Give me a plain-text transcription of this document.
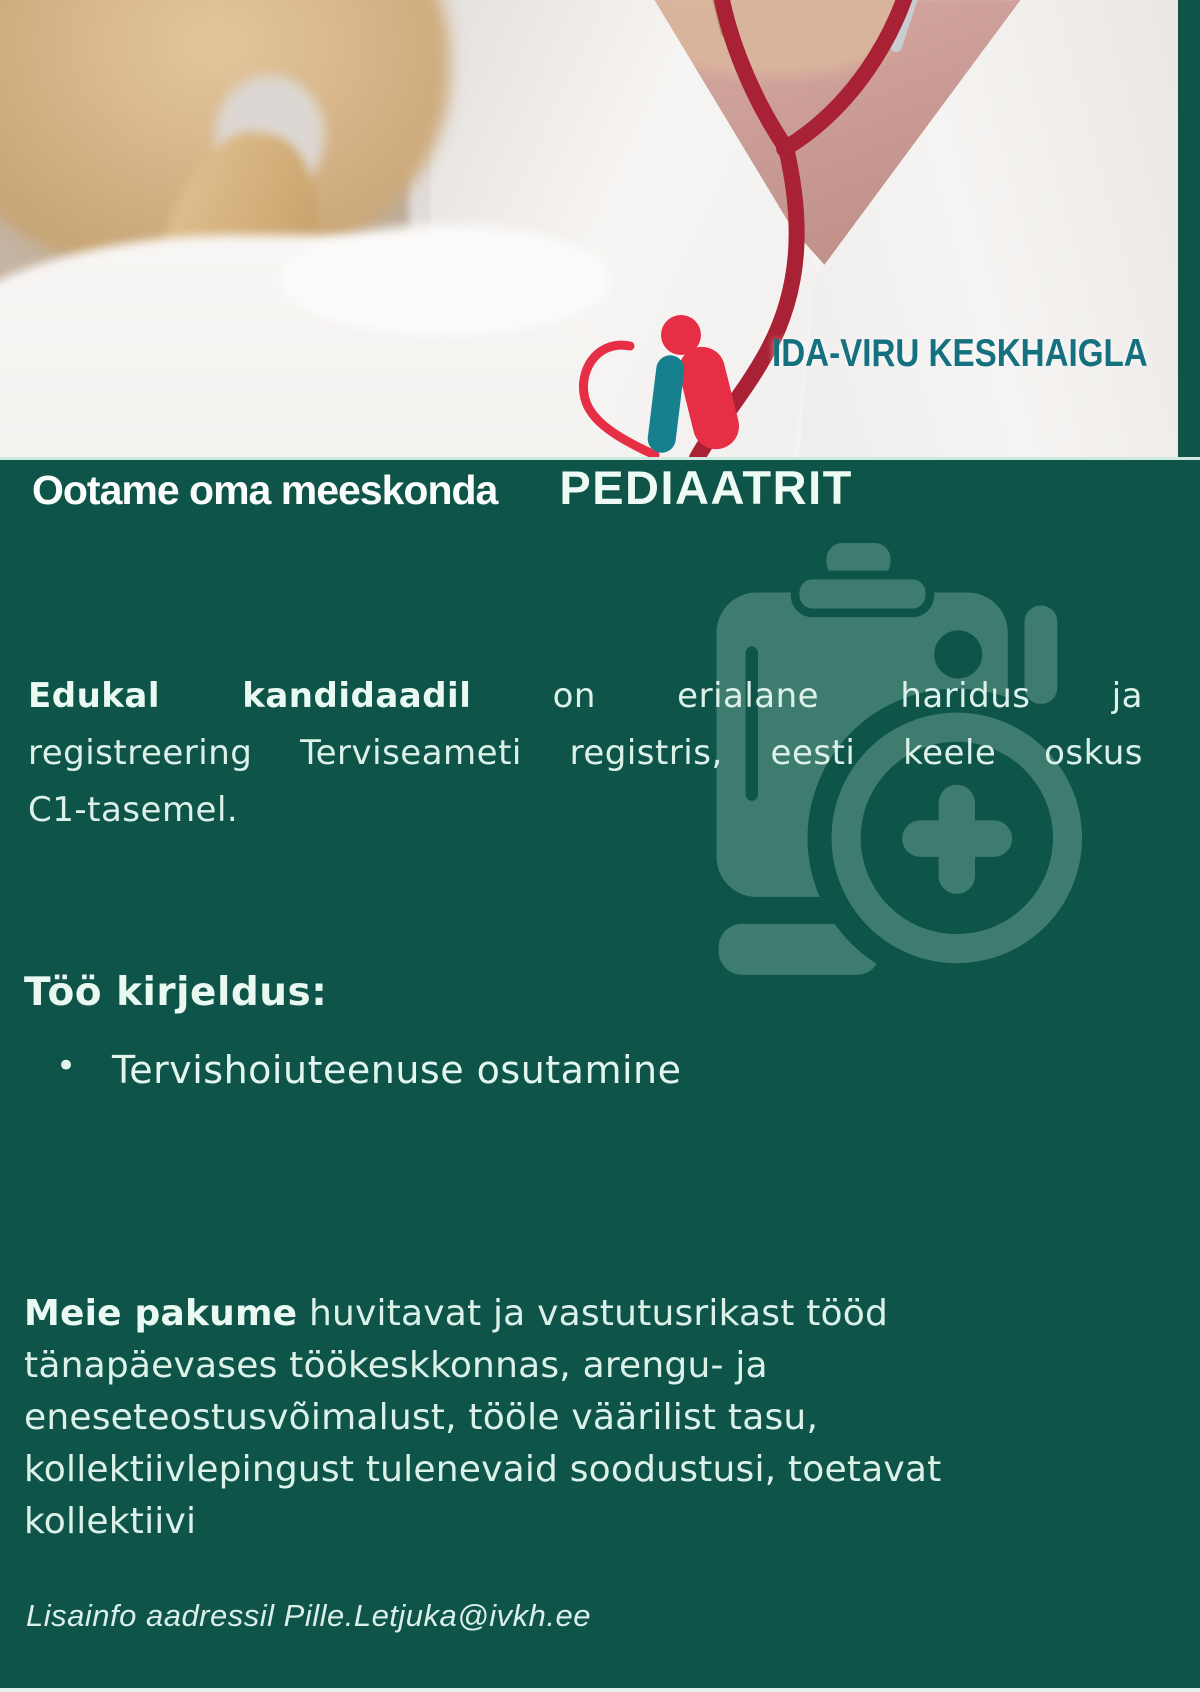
IDA-VIRU KESKHAIGLA
Ootame oma meeskonda PEDIAATRIT

Edukal kandidaadil on erialane haridus ja
registreering Terviseameti registris, eesti keele oskus
C1-tasemel.

Töö kirjeldus:
• Tervishoiuteenuse osutamine

Meie pakume huvitavat ja vastutusrikast tööd
tänapäevases töökeskkonnas, arengu- ja
eneseteostusvõimalust, tööle väärilist tasu,
kollektiivlepingust tulenevaid soodustusi, toetavat
kollektiivi

Lisainfo aadressil Pille.Letjuka@ivkh.ee
